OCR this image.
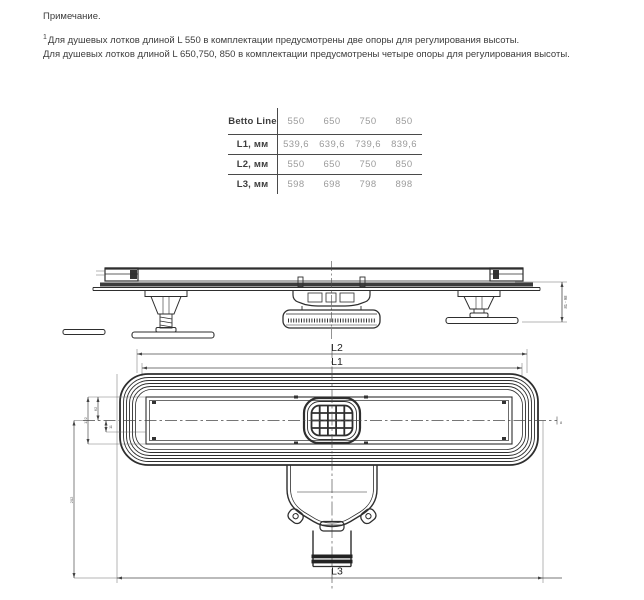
Примечание.
$^1$Для душевых лотков длиной L 550 в комплектации предусмотрены две опоры для регулирования высоты.
Для душевых лотков длиной L 650,750, 850 в комплектации предусмотрены четыре опоры для регулирования высоты.
Betto Line	550	650	750	850
L1, мм	539,6	639,6	739,6	839,6
L2, мм	550	650	750	850
L3, мм	598	698	798	898
81 - 98
L2
L1
8
L3
122
62
11
202
